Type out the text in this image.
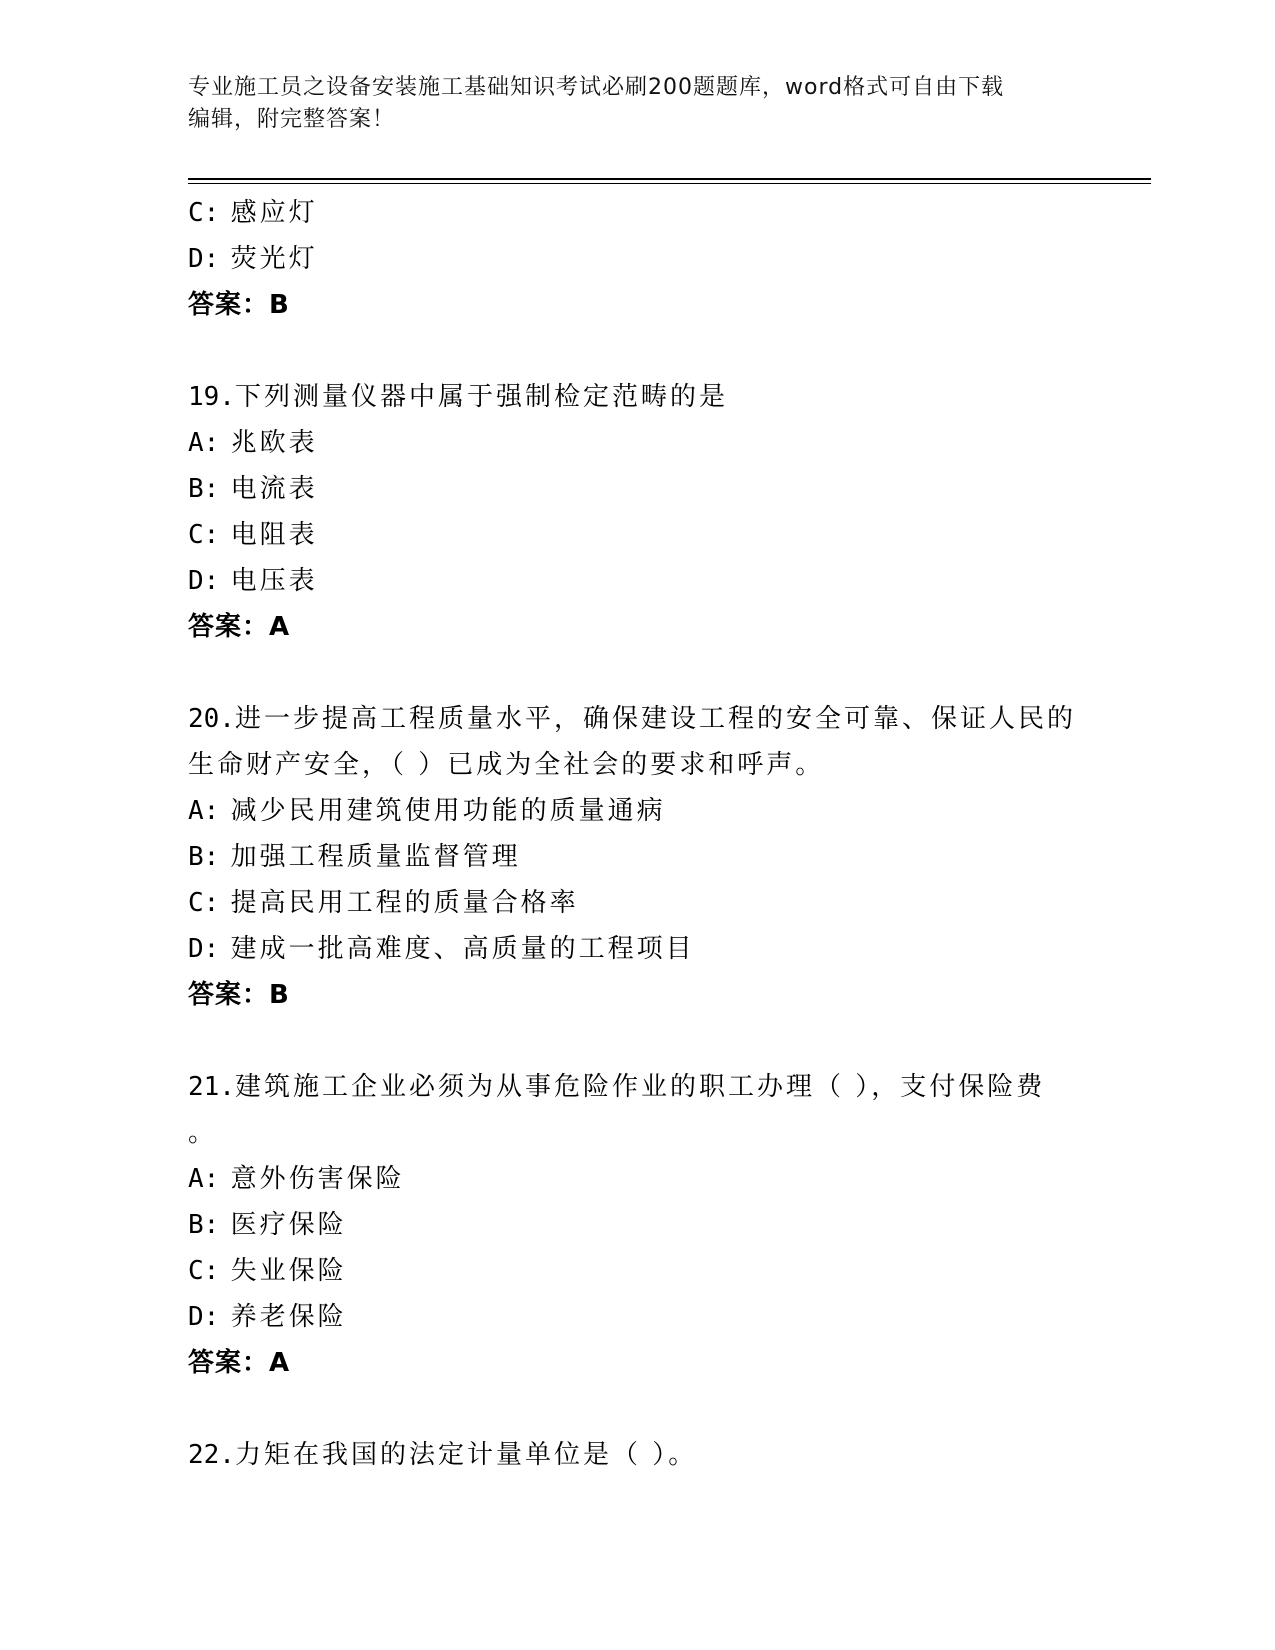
专业施工员之设备安装施工基础知识考试必刷200题题库，word格式可自由下载
编辑，附完整答案！
C: 感应灯
D: 荧光灯
答案：B
19.下列测量仪器中属于强制检定范畴的是
A: 兆欧表
B: 电流表
C: 电阻表
D: 电压表
答案：A
20.进一步提高工程质量水平，确保建设工程的安全可靠、保证人民的
生命财产安全，（ ）已成为全社会的要求和呼声。
A: 减少民用建筑使用功能的质量通病
B: 加强工程质量监督管理
C: 提高民用工程的质量合格率
D: 建成一批高难度、高质量的工程项目
答案：B
21.建筑施工企业必须为从事危险作业的职工办理（ ），支付保险费
。
A: 意外伤害保险
B: 医疗保险
C: 失业保险
D: 养老保险
答案：A
22.力矩在我国的法定计量单位是（ ）。
